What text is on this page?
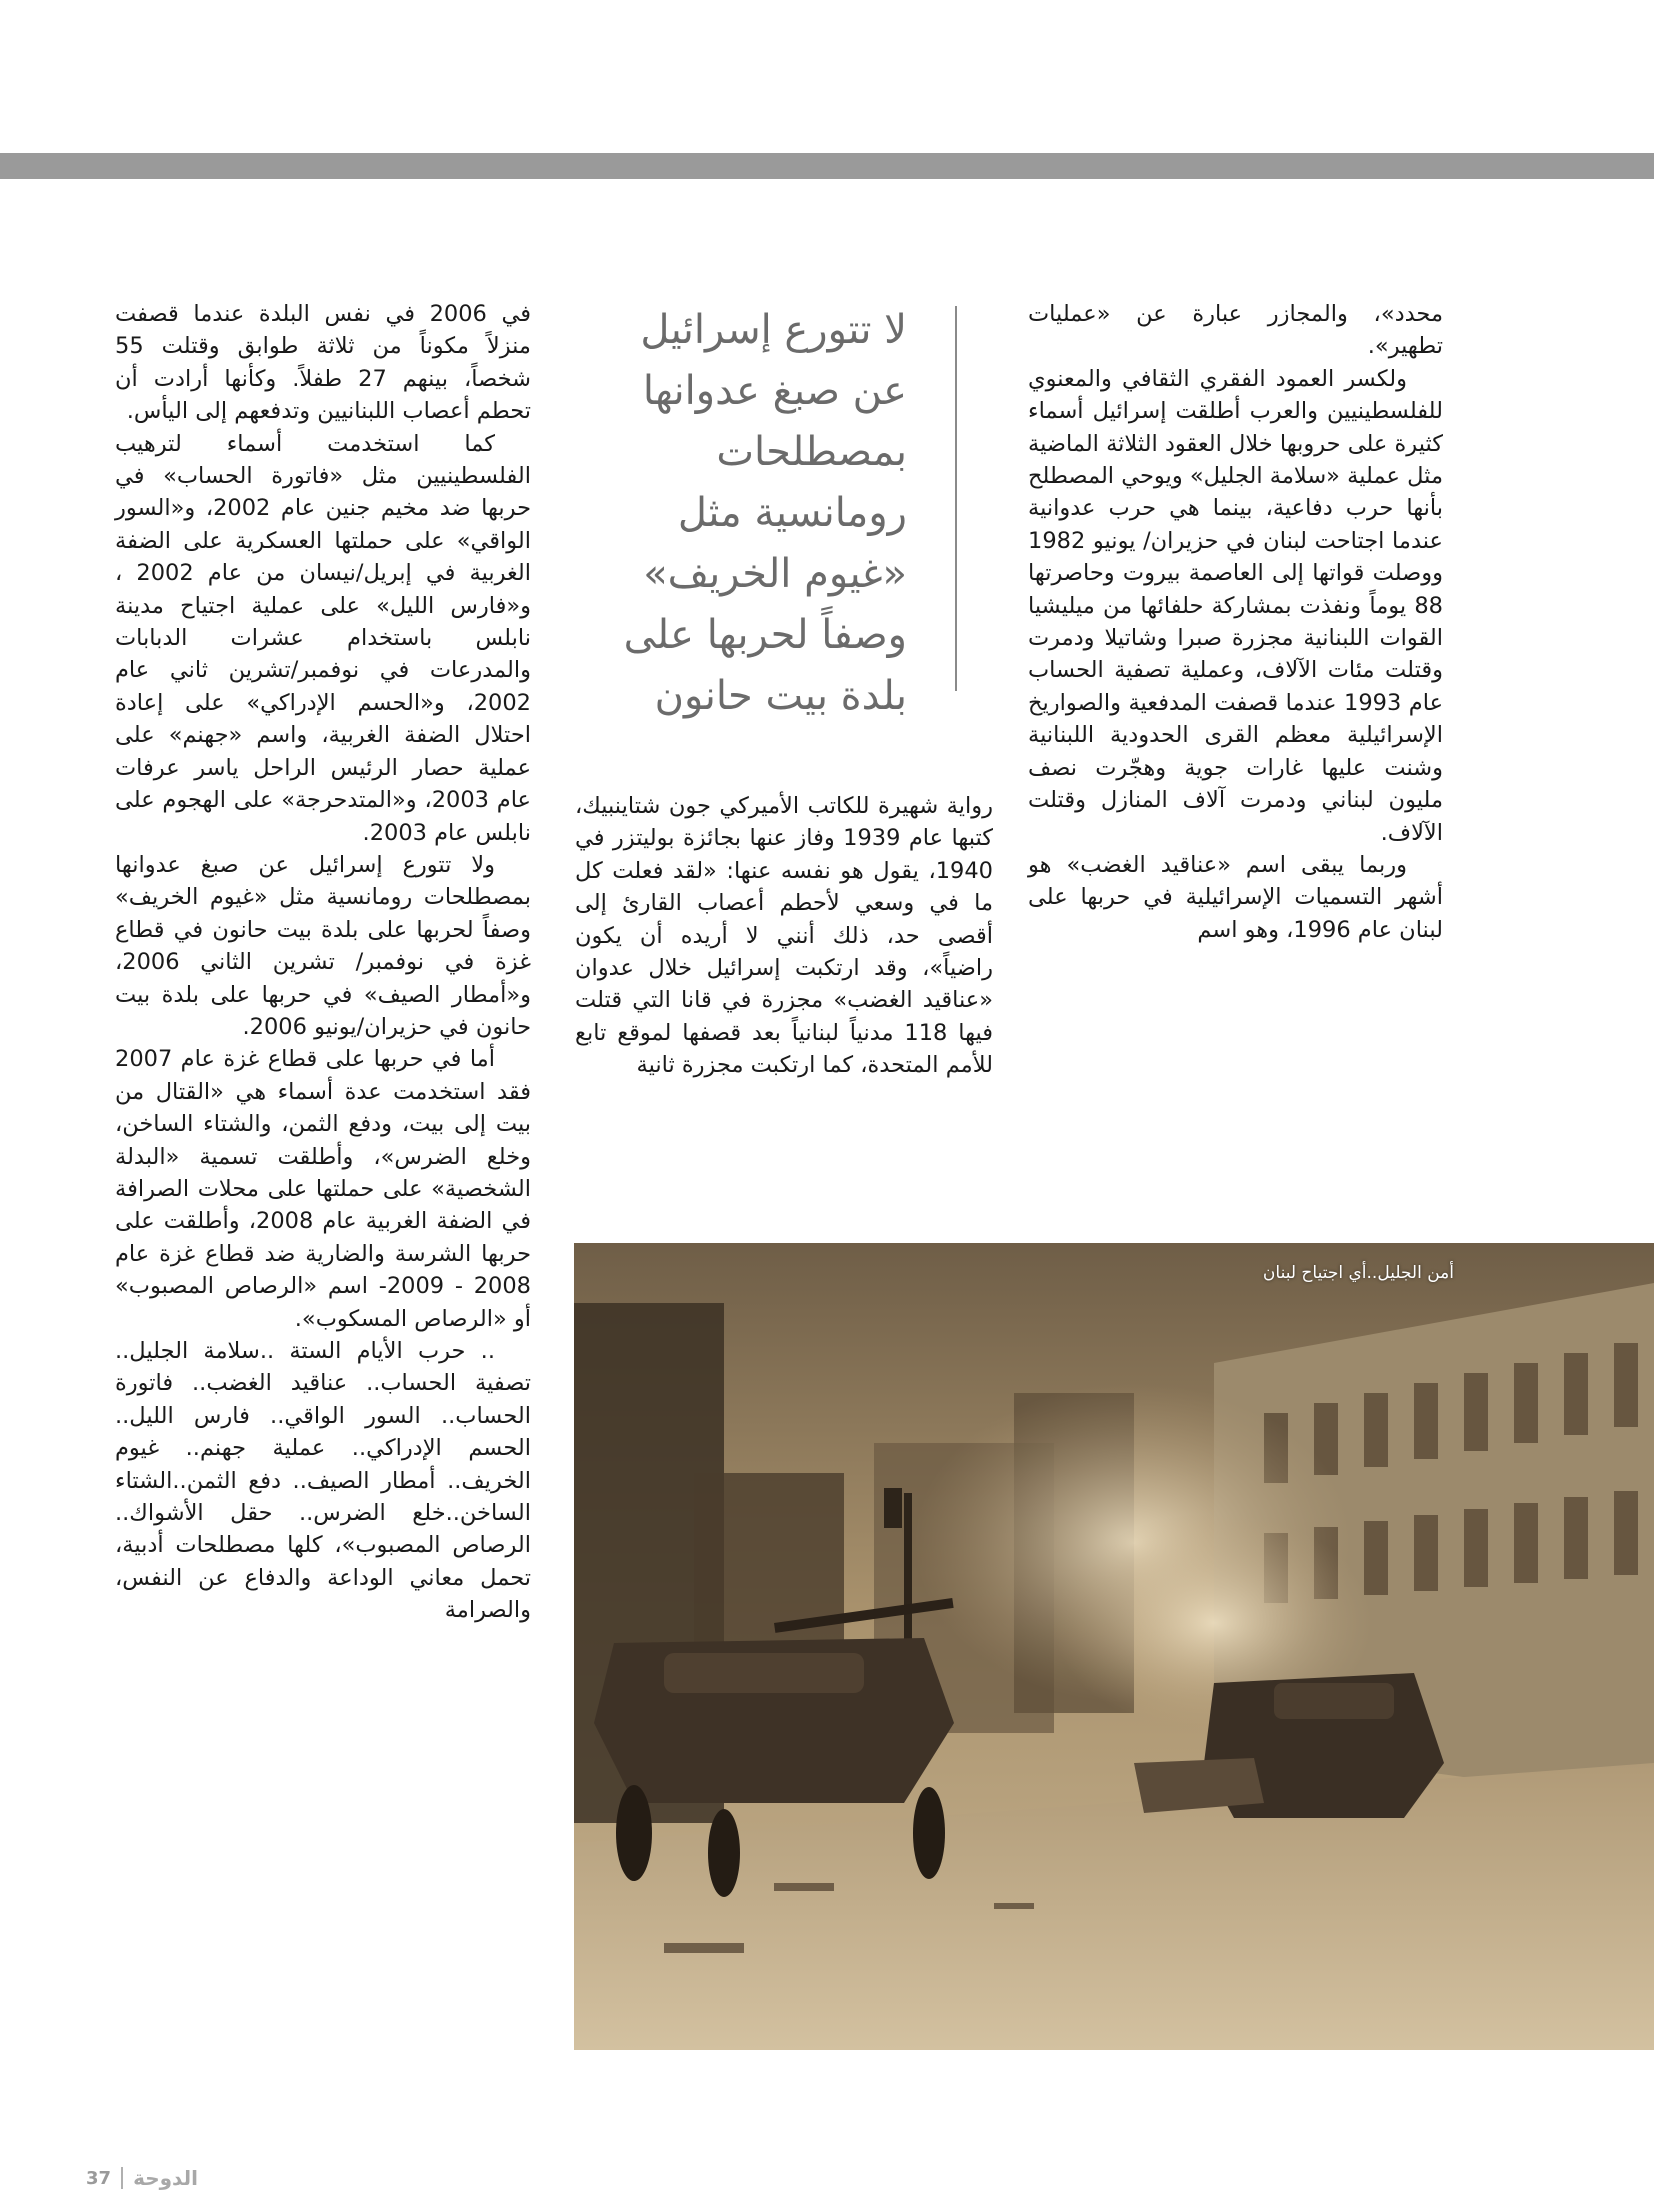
محدد»، والمجازر عبارة عن «عمليات تطهير».

ولكسر العمود الفقري الثقافي والمعنوي للفلسطينيين والعرب أطلقت إسرائيل أسماء كثيرة على حروبها خلال العقود الثلاثة الماضية مثل عملية «سلامة الجليل» ويوحي المصطلح بأنها حرب دفاعية، بينما هي حرب عدوانية عندما اجتاحت لبنان في حزيران/ يونيو 1982 ووصلت قواتها إلى العاصمة بيروت وحاصرتها 88 يوماً ونفذت بمشاركة حلفائها من ميليشيا القوات اللبنانية مجزرة صبرا وشاتيلا ودمرت وقتلت مئات الآلاف، وعملية تصفية الحساب عام 1993 عندما قصفت المدفعية والصواريخ الإسرائيلية معظم القرى الحدودية اللبنانية وشنت عليها غارات جوية وهجّرت نصف مليون لبناني ودمرت آلاف المنازل وقتلت الآلاف.

وربما يبقى اسم «عناقيد الغضب» هو أشهر التسميات الإسرائيلية في حربها على لبنان عام 1996، وهو اسم

لا تتورع إسرائيل
عن صبغ عدوانها
بمصطلحات
رومانسية مثل
«غيوم الخريف»
وصفاً لحربها على
بلدة بيت حانون

رواية شهيرة للكاتب الأميركي جون شتاينبيك، كتبها عام 1939 وفاز عنها بجائزة بوليتزر في 1940، يقول هو نفسه عنها: «لقد فعلت كل ما في وسعي لأحطم أعصاب القارئ إلى أقصى حد، ذلك أنني لا أريده أن يكون راضياً»، وقد ارتكبت إسرائيل خلال عدوان «عناقيد الغضب» مجزرة في قانا التي قتلت فيها 118 مدنياً لبنانياً بعد قصفها لموقع تابع للأمم المتحدة، كما ارتكبت مجزرة ثانية

في 2006 في نفس البلدة عندما قصفت منزلاً مكوناً من ثلاثة طوابق وقتلت 55 شخصاً، بينهم 27 طفلاً. وكأنها أرادت أن تحطم أعصاب اللبنانيين وتدفعهم إلى اليأس.

كما استخدمت أسماء لترهيب الفلسطينيين مثل «فاتورة الحساب» في حربها ضد مخيم جنين عام 2002، و«السور الواقي» على حملتها العسكرية على الضفة الغربية في إبريل/نيسان من عام 2002 ، و«فارس الليل» على عملية اجتياح مدينة نابلس باستخدام عشرات الدبابات والمدرعات في نوفمبر/تشرين ثاني عام 2002، و«الحسم الإدراكي» على إعادة احتلال الضفة الغربية، واسم «جهنم» على عملية حصار الرئيس الراحل ياسر عرفات عام 2003، و«المتدحرجة» على الهجوم على نابلس عام 2003.

ولا تتورع إسرائيل عن صبغ عدوانها بمصطلحات رومانسية مثل «غيوم الخريف» وصفاً لحربها على بلدة بيت حانون في قطاع غزة في نوفمبر/ تشرين الثاني 2006، و«أمطار الصيف» في حربها على بلدة بيت حانون في حزيران/يونيو 2006.

أما في حربها على قطاع غزة عام 2007 فقد استخدمت عدة أسماء هي «القتال من بيت إلى بيت، ودفع الثمن، والشتاء الساخن، وخلع الضرس»، وأطلقت تسمية «البدلة الشخصية» على حملتها على محلات الصرافة في الضفة الغربية عام 2008، وأطلقت على حربها الشرسة والضارية ضد قطاع غزة عام 2008 - 2009- اسم «الرصاص المصبوب» أو «الرصاص المسكوب».

.. حرب الأيام الستة ..سلامة الجليل.. تصفية الحساب.. عناقيد الغضب.. فاتورة الحساب.. السور الواقي.. فارس الليل.. الحسم الإدراكي.. عملية جهنم.. غيوم الخريف.. أمطار الصيف.. دفع الثمن..الشتاء الساخن..خلع الضرس.. حقل الأشواك.. الرصاص المصبوب»، كلها مصطلحات أدبية، تحمل معاني الوداعة والدفاع عن النفس، والصرامة

أمن الجليل..أي اجتياح لبنان
37 الدوحة
